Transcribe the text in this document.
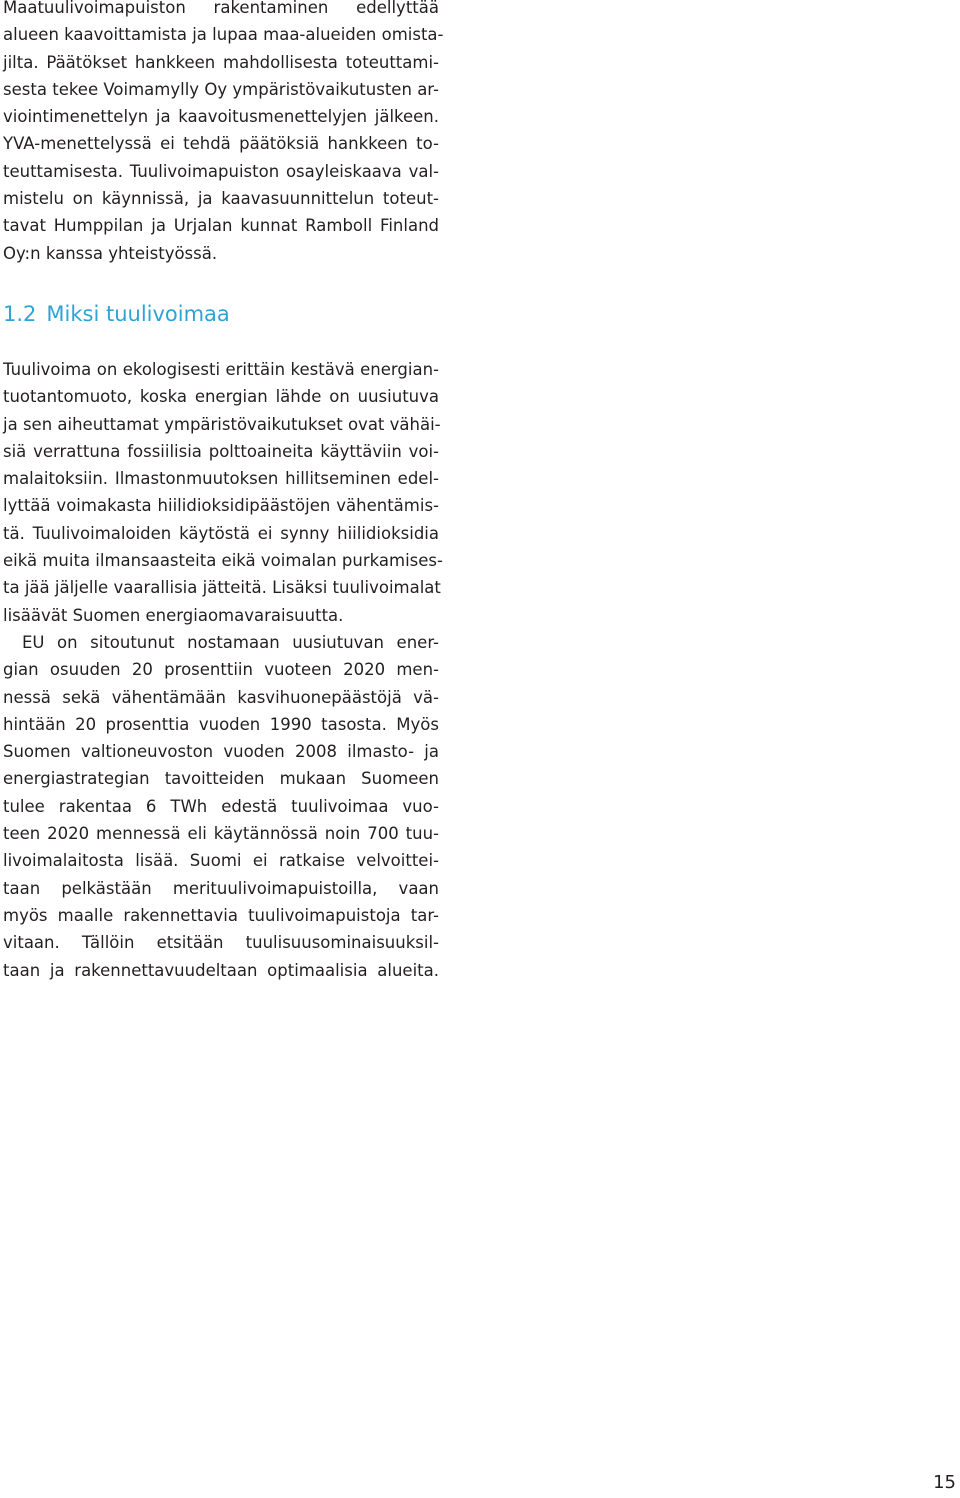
Maatuulivoimapuiston rakentaminen edellyttää
alueen kaavoittamista ja lupaa maa-alueiden omista-
jilta. Päätökset hankkeen mahdollisesta toteuttami-
sesta tekee Voimamylly Oy ympäristövaikutusten ar-
viointimenettelyn ja kaavoitusmenettelyjen jälkeen.
YVA-menettelyssä ei tehdä päätöksiä hankkeen to-
teuttamisesta. Tuulivoimapuiston osayleiskaava val-
mistelu on käynnissä, ja kaavasuunnittelun toteut-
tavat Humppilan ja Urjalan kunnat Ramboll Finland
Oy:n kanssa yhteistyössä.
1.2 Miksi tuulivoimaa
Tuulivoima on ekologisesti erittäin kestävä energian-
tuotantomuoto, koska energian lähde on uusiutuva
ja sen aiheuttamat ympäristövaikutukset ovat vähäi-
siä verrattuna fossiilisia polttoaineita käyttäviin voi-
malaitoksiin. Ilmastonmuutoksen hillitseminen edel-
lyttää voimakasta hiilidioksidipäästöjen vähentämis-
tä. Tuulivoimaloiden käytöstä ei synny hiilidioksidia
eikä muita ilmansaasteita eikä voimalan purkamises-
ta jää jäljelle vaarallisia jätteitä. Lisäksi tuulivoimalat
lisäävät Suomen energiaomavaraisuutta.
EU on sitoutunut nostamaan uusiutuvan ener-
gian osuuden 20 prosenttiin vuoteen 2020 men-
nessä sekä vähentämään kasvihuonepäästöjä vä-
hintään 20 prosenttia vuoden 1990 tasosta. Myös
Suomen valtioneuvoston vuoden 2008 ilmasto- ja
energiastrategian tavoitteiden mukaan Suomeen
tulee rakentaa 6 TWh edestä tuulivoimaa vuo-
teen 2020 mennessä eli käytännössä noin 700 tuu-
livoimalaitosta lisää. Suomi ei ratkaise velvoittei-
taan pelkästään merituulivoimapuistoilla, vaan
myös maalle rakennettavia tuulivoimapuistoja tar-
vitaan. Tällöin etsitään tuulisuusominaisuuksil-
taan ja rakennettavuudeltaan optimaalisia alueita.
15
